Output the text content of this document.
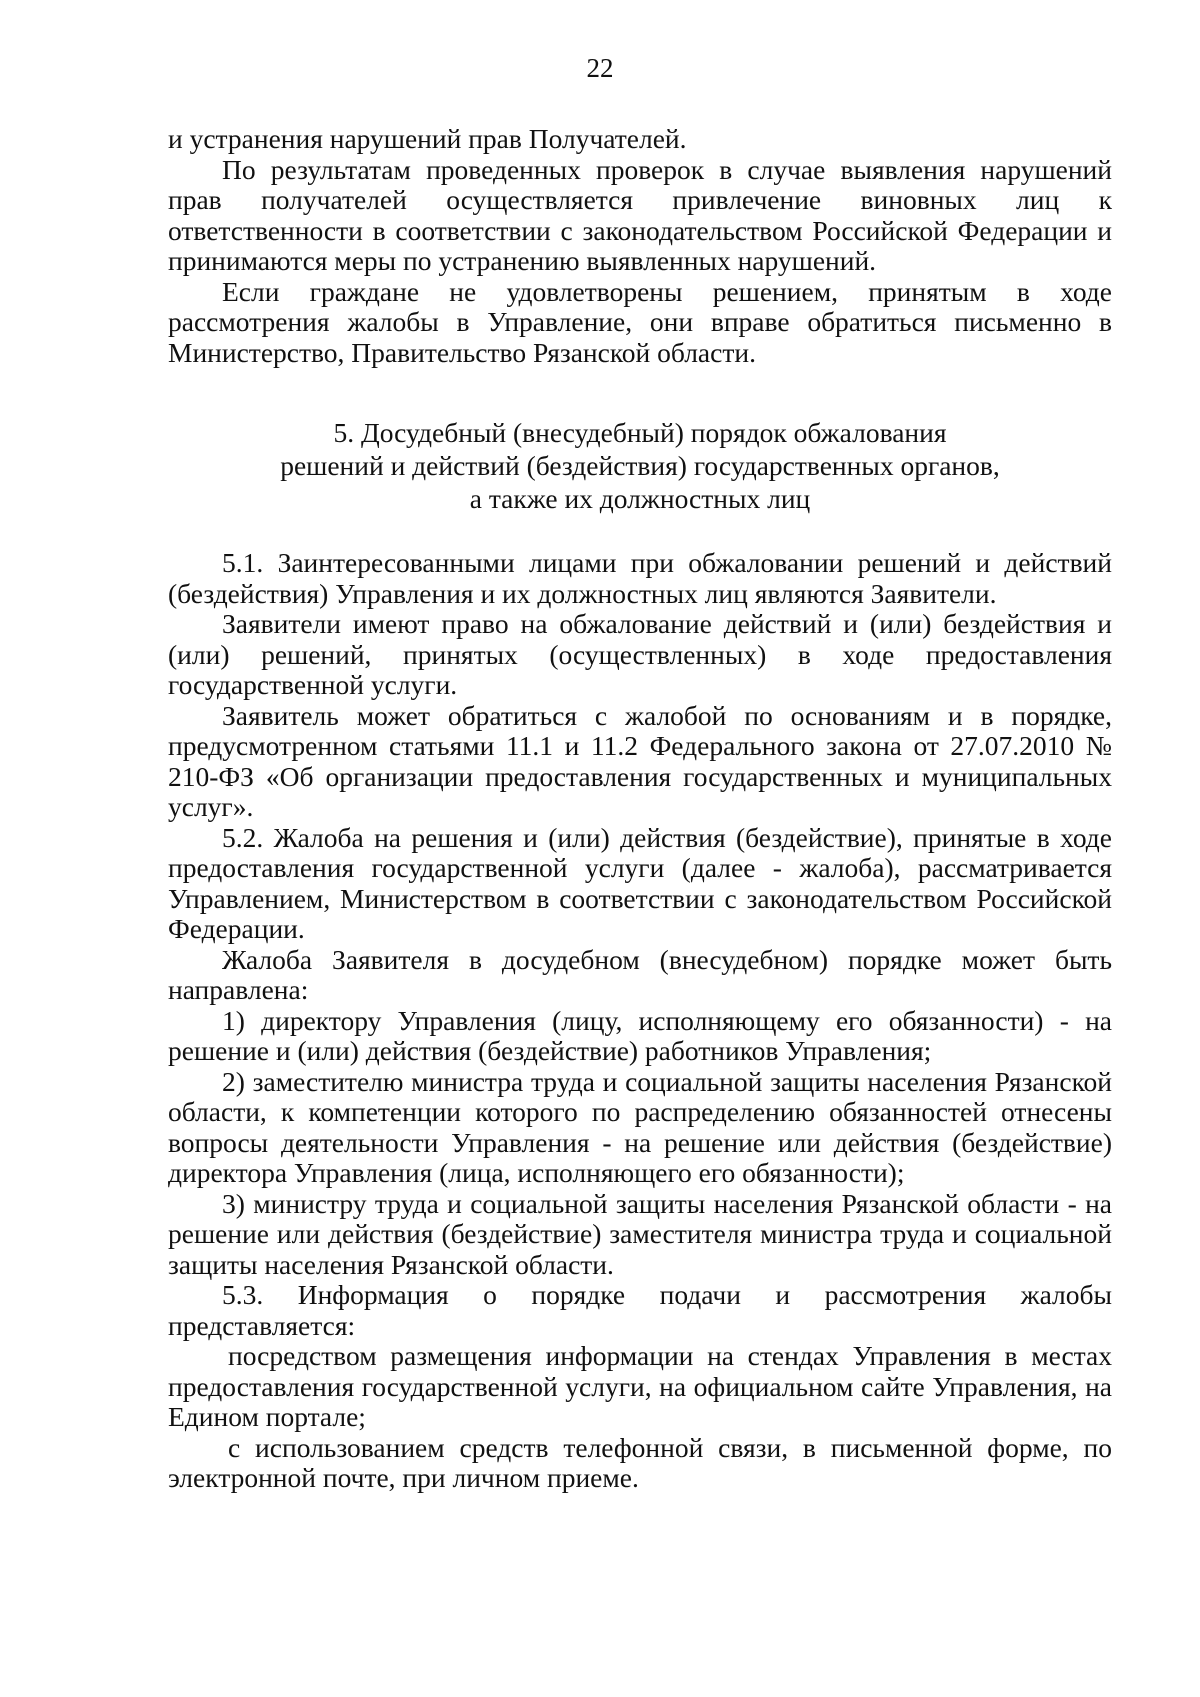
22

и устранения нарушений прав Получателей.

По результатам проведенных проверок в случае выявления нарушений прав получателей осуществляется привлечение виновных лиц к ответственности в соответствии с законодательством Российской Федерации и принимаются меры по устранению выявленных нарушений.

Если граждане не удовлетворены решением, принятым в ходе рассмотрения жалобы в Управление, они вправе обратиться письменно в Министерство, Правительство Рязанской области.

5. Досудебный (внесудебный) порядок обжалования
решений и действий (бездействия) государственных органов,
а также их должностных лиц

5.1. Заинтересованными лицами при обжаловании решений и действий (бездействия) Управления и их должностных лиц являются Заявители.

Заявители имеют право на обжалование действий и (или) бездействия и (или) решений, принятых (осуществленных) в ходе предоставления государственной услуги.

Заявитель может обратиться с жалобой по основаниям и в порядке, предусмотренном статьями 11.1 и 11.2 Федерального закона от 27.07.2010 № 210-ФЗ «Об организации предоставления государственных и муниципальных услуг».

5.2. Жалоба на решения и (или) действия (бездействие), принятые в ходе предоставления государственной услуги (далее - жалоба), рассматривается Управлением, Министерством в соответствии с законодательством Российской Федерации.

Жалоба Заявителя в досудебном (внесудебном) порядке может быть направлена:

1) директору Управления (лицу, исполняющему его обязанности) - на решение и (или) действия (бездействие) работников Управления;

2) заместителю министра труда и социальной защиты населения Рязанской области, к компетенции которого по распределению обязанностей отнесены вопросы деятельности Управления - на решение или действия (бездействие) директора Управления (лица, исполняющего его обязанности);

3) министру труда и социальной защиты населения Рязанской области - на решение или действия (бездействие) заместителя министра труда и социальной защиты населения Рязанской области.

5.3. Информация о порядке подачи и рассмотрения жалобы представляется:

посредством размещения информации на стендах Управления в местах предоставления государственной услуги, на официальном сайте Управления, на Едином портале;

с использованием средств телефонной связи, в письменной форме, по электронной почте, при личном приеме.
